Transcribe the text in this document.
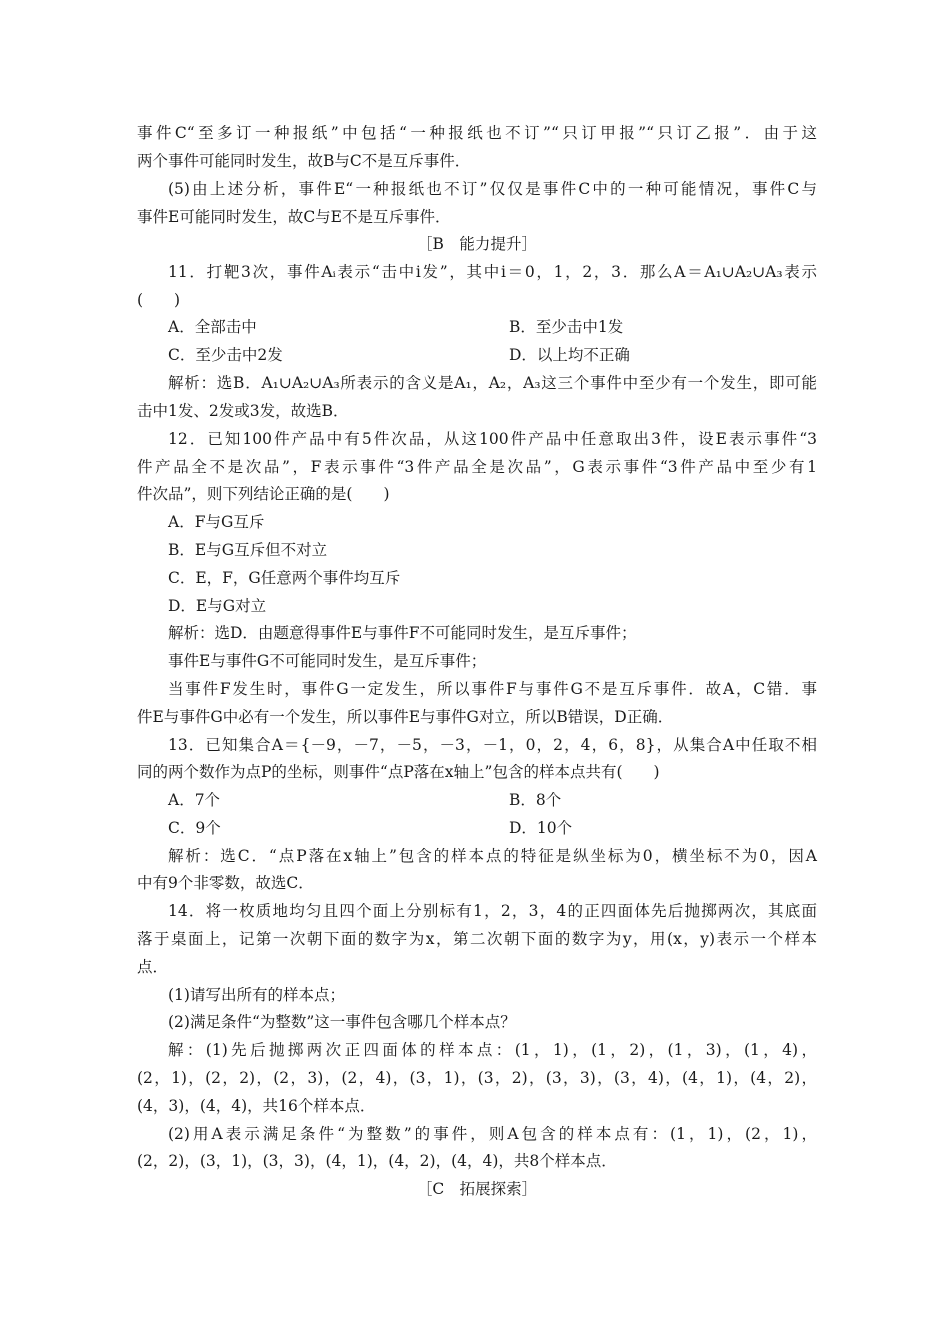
事件C“至多订一种报纸”中包括“一种报纸也不订”“只订甲报”“只订乙报”．由于这
两个事件可能同时发生，故B与C不是互斥事件．
(5)由上述分析，事件E“一种报纸也不订”仅仅是事件C中的一种可能情况，事件C与
事件E可能同时发生，故C与E不是互斥事件．
［B　能力提升］
11．打靶3次，事件Aᵢ表示“击中i发”，其中i＝0，1，2，3．那么A＝A₁∪A₂∪A₃表示
(　　)
A．全部击中	B．至少击中1发
C．至少击中2发	D．以上均不正确
解析：选B．A₁∪A₂∪A₃所表示的含义是A₁，A₂，A₃这三个事件中至少有一个发生，即可能
击中1发、2发或3发，故选B．
12．已知100件产品中有5件次品，从这100件产品中任意取出3件，设E表示事件“3
件产品全不是次品”，F表示事件“3件产品全是次品”，G表示事件“3件产品中至少有1
件次品”，则下列结论正确的是(　　)
A．F与G互斥
B．E与G互斥但不对立
C．E，F，G任意两个事件均互斥
D．E与G对立
解析：选D．由题意得事件E与事件F不可能同时发生，是互斥事件；
事件E与事件G不可能同时发生，是互斥事件；
当事件F发生时，事件G一定发生，所以事件F与事件G不是互斥事件．故A，C错．事
件E与事件G中必有一个发生，所以事件E与事件G对立，所以B错误，D正确．
13．已知集合A＝{－9，－7，－5，－3，－1，0，2，4，6，8}，从集合A中任取不相
同的两个数作为点P的坐标，则事件“点P落在x轴上”包含的样本点共有(　　)
A．7个	B．8个
C．9个	D．10个
解析：选C．“点P落在x轴上”包含的样本点的特征是纵坐标为0，横坐标不为0，因A
中有9个非零数，故选C．
14．将一枚质地均匀且四个面上分别标有1，2，3，4的正四面体先后抛掷两次，其底面
落于桌面上，记第一次朝下面的数字为x，第二次朝下面的数字为y，用(x，y)表示一个样本
点．
(1)请写出所有的样本点；
(2)满足条件“为整数”这一事件包含哪几个样本点？
解：(1)先后抛掷两次正四面体的样本点：(1，1)，(1，2)，(1，3)，(1，4)，
(2，1)，(2，2)，(2，3)，(2，4)，(3，1)，(3，2)，(3，3)，(3，4)，(4，1)，(4，2)，
(4，3)，(4，4)，共16个样本点．
(2)用A表示满足条件“为整数”的事件，则A包含的样本点有：(1，1)，(2，1)，
(2，2)，(3，1)，(3，3)，(4，1)，(4，2)，(4，4)，共8个样本点．
［C　拓展探索］
